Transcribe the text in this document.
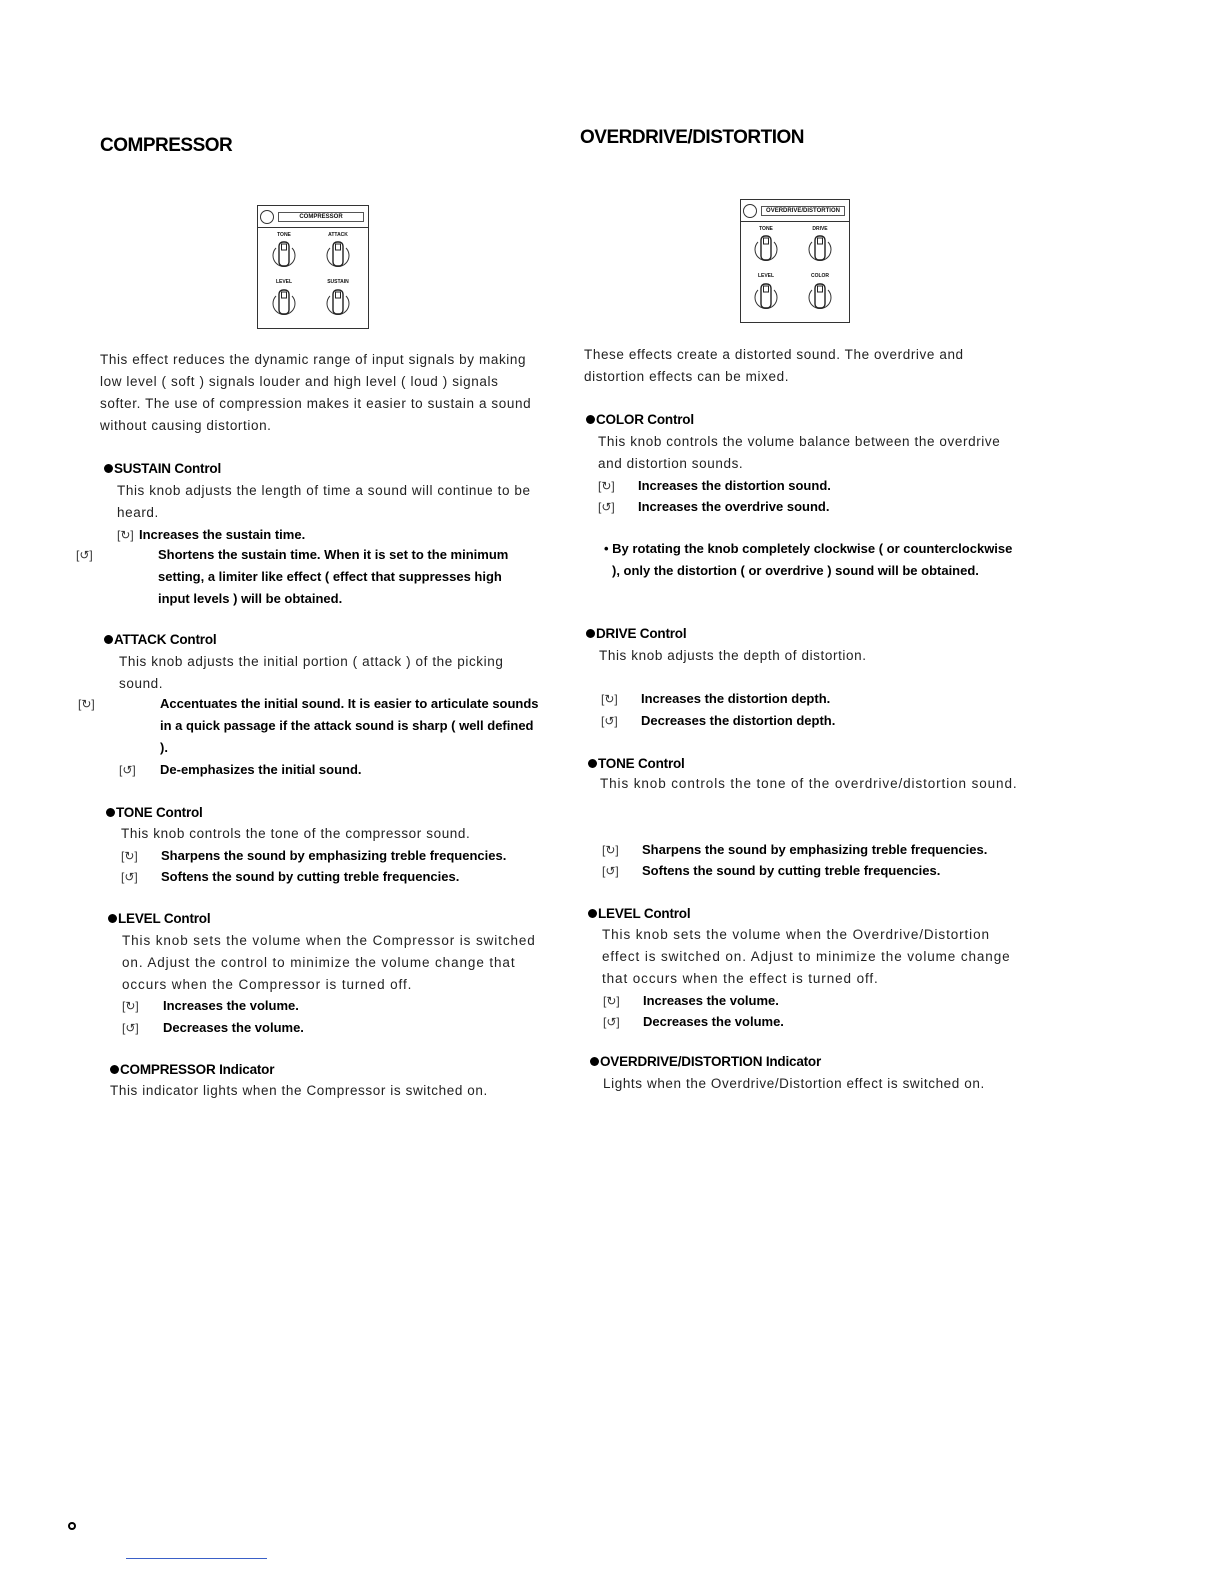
COMPRESSOR
COMPRESSOR
TONE	ATTACK
LEVEL	SUSTAIN
This effect reduces the dynamic range of input signals by making low level ( soft ) signals louder and high level ( loud ) signals softer. The use of compression makes it easier to sustain a sound without causing distortion.
SUSTAIN Control
This knob adjusts the length of time a sound will continue to be heard.
[↻] Increases the sustain time.
[↺]	Shortens the sustain time. When it is set to the minimum setting, a limiter like effect ( effect that suppresses high input levels ) will be obtained.
ATTACK Control
This knob adjusts the initial portion ( attack ) of the picking sound.
[↻]	Accentuates the initial sound. It is easier to articulate sounds in a quick passage if the attack sound is sharp ( well defined ).
[↺] De-emphasizes the initial sound.
TONE Control
This knob controls the tone of the compressor sound.
[↻] Sharpens the sound by emphasizing treble frequencies.
[↺] Softens the sound by cutting treble frequencies.
LEVEL Control
This knob sets the volume when the Compressor is switched on. Adjust the control to minimize the volume change that occurs when the Compressor is turned off.
[↻] Increases the volume.
[↺] Decreases the volume.
COMPRESSOR Indicator
This indicator lights when the Compressor is switched on.
OVERDRIVE/DISTORTION
OVERDRIVE/DISTORTION
TONE	DRIVE
LEVEL	COLOR
These effects create a distorted sound. The overdrive and distortion effects can be mixed.
COLOR Control
This knob controls the volume balance between the overdrive and distortion sounds.
[↻] Increases the distortion sound.
[↺] Increases the overdrive sound.
• By rotating the knob completely clockwise ( or counterclockwise ), only the distortion ( or overdrive ) sound will be obtained.
DRIVE Control
This knob adjusts the depth of distortion.
[↻] Increases the distortion depth.
[↺] Decreases the distortion depth.
TONE Control
This knob controls the tone of the overdrive/distortion sound.
[↻] Sharpens the sound by emphasizing treble frequencies.
[↺] Softens the sound by cutting treble frequencies.
LEVEL Control
This knob sets the volume when the Overdrive/Distortion effect is switched on. Adjust to minimize the volume change that occurs when the effect is turned off.
[↻] Increases the volume.
[↺] Decreases the volume.
OVERDRIVE/DISTORTION Indicator
Lights when the Overdrive/Distortion effect is switched on.
